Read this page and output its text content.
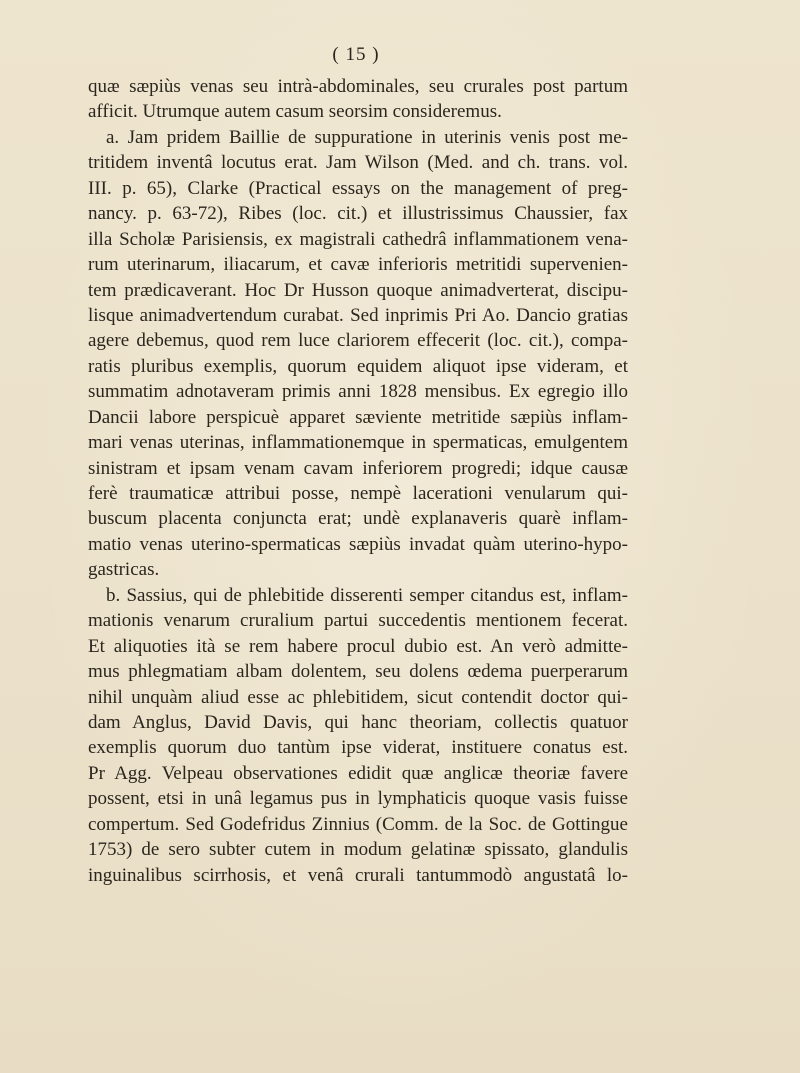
( 15 )
quæ sæpiùs venas seu intrà-abdominales, seu crurales post partum
afficit. Utrumque autem casum seorsim consideremus.
a. Jam pridem Baillie de suppuratione in uterinis venis post me-
tritidem inventâ locutus erat. Jam Wilson (Med. and ch. trans. vol.
III. p. 65), Clarke (Practical essays on the management of preg-
nancy. p. 63-72), Ribes (loc. cit.) et illustrissimus Chaussier, fax
illa Scholæ Parisiensis, ex magistrali cathedrâ inflammationem vena-
rum uterinarum, iliacarum, et cavæ inferioris metritidi supervenien-
tem prædicaverant. Hoc Dr Husson quoque animadverterat, discipu-
lisque animadvertendum curabat. Sed inprimis Pri Ao. Dancio gratias
agere debemus, quod rem luce clariorem effecerit (loc. cit.), compa-
ratis pluribus exemplis, quorum equidem aliquot ipse videram, et
summatim adnotaveram primis anni 1828 mensibus. Ex egregio illo
Dancii labore perspicuè apparet sæviente metritide sæpiùs inflam-
mari venas uterinas, inflammationemque in spermaticas, emulgentem
sinistram et ipsam venam cavam inferiorem progredi; idque causæ
ferè traumaticæ attribui posse, nempè lacerationi venularum qui-
buscum placenta conjuncta erat; undè explanaveris quarè inflam-
matio venas uterino-spermaticas sæpiùs invadat quàm uterino-hypo-
gastricas.
b. Sassius, qui de phlebitide disserenti semper citandus est, inflam-
mationis venarum cruralium partui succedentis mentionem fecerat.
Et aliquoties ità se rem habere procul dubio est. An verò admitte-
mus phlegmatiam albam dolentem, seu dolens œdema puerperarum
nihil unquàm aliud esse ac phlebitidem, sicut contendit doctor qui-
dam Anglus, David Davis, qui hanc theoriam, collectis quatuor
exemplis quorum duo tantùm ipse viderat, instituere conatus est.
Pr Agg. Velpeau observationes edidit quæ anglicæ theoriæ favere
possent, etsi in unâ legamus pus in lymphaticis quoque vasis fuisse
compertum. Sed Godefridus Zinnius (Comm. de la Soc. de Gottingue
1753) de sero subter cutem in modum gelatinæ spissato, glandulis
inguinalibus scirrhosis, et venâ crurali tantummodò angustatâ lo-
